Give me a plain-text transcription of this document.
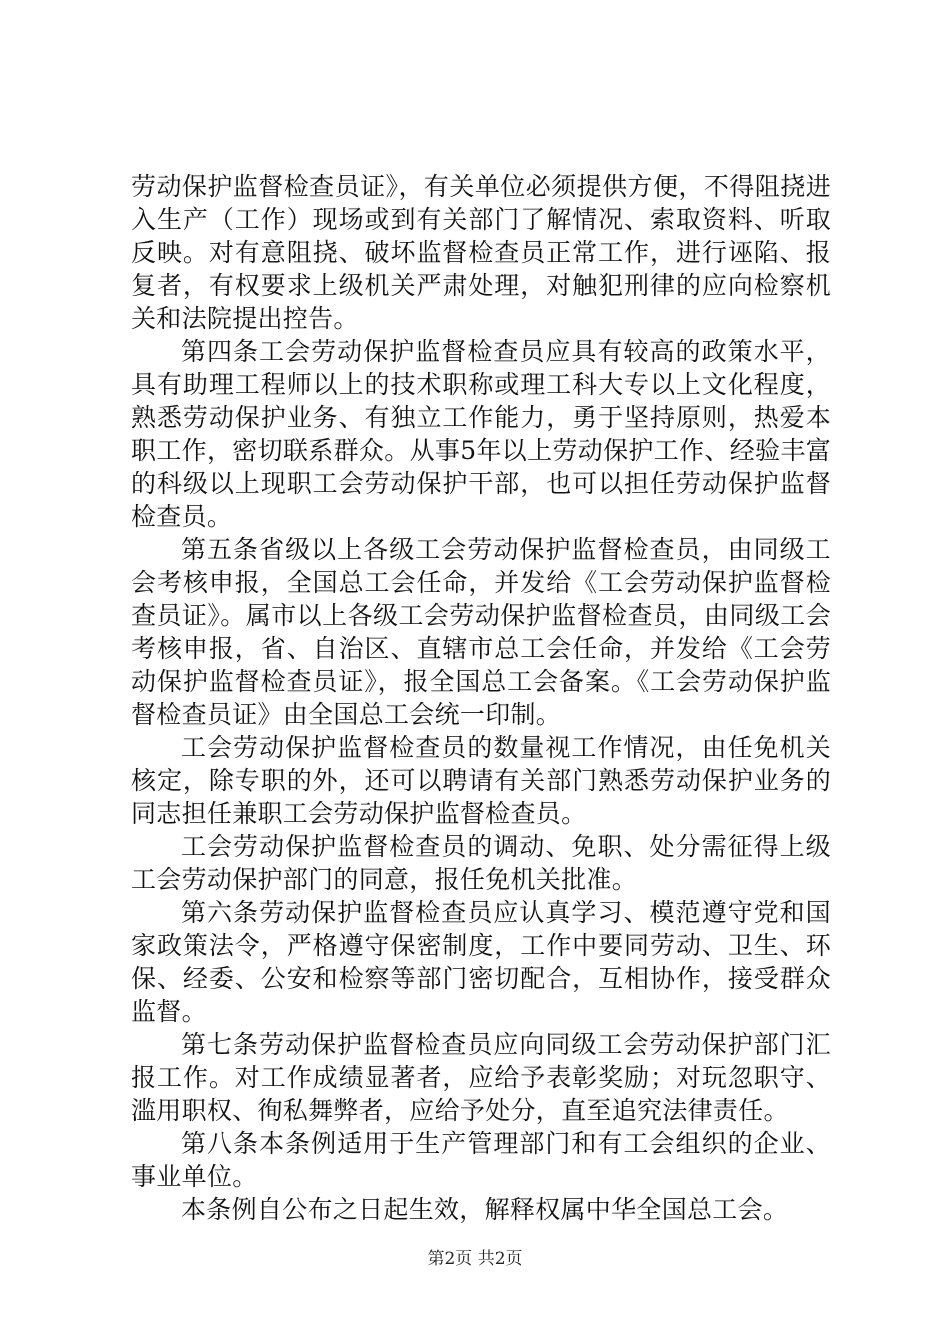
劳动保护监督检查员证》，有关单位必须提供方便，不得阻挠进入生产（工作）现场或到有关部门了解情况、索取资料、听取反映。对有意阻挠、破坏监督检查员正常工作，进行诬陷、报复者，有权要求上级机关严肃处理，对触犯刑律的应向检察机关和法院提出控告。

第四条工会劳动保护监督检查员应具有较高的政策水平，具有助理工程师以上的技术职称或理工科大专以上文化程度，熟悉劳动保护业务、有独立工作能力，勇于坚持原则，热爱本职工作，密切联系群众。从事5年以上劳动保护工作、经验丰富的科级以上现职工会劳动保护干部，也可以担任劳动保护监督检查员。

第五条省级以上各级工会劳动保护监督检查员，由同级工会考核申报，全国总工会任命，并发给《工会劳动保护监督检查员证》。属市以上各级工会劳动保护监督检查员，由同级工会考核申报，省、自治区、直辖市总工会任命，并发给《工会劳动保护监督检查员证》，报全国总工会备案。《工会劳动保护监督检查员证》由全国总工会统一印制。

工会劳动保护监督检查员的数量视工作情况，由任免机关核定，除专职的外，还可以聘请有关部门熟悉劳动保护业务的同志担任兼职工会劳动保护监督检查员。

工会劳动保护监督检查员的调动、免职、处分需征得上级工会劳动保护部门的同意，报任免机关批准。

第六条劳动保护监督检查员应认真学习、模范遵守党和国家政策法令，严格遵守保密制度，工作中要同劳动、卫生、环保、经委、公安和检察等部门密切配合，互相协作，接受群众监督。

第七条劳动保护监督检查员应向同级工会劳动保护部门汇报工作。对工作成绩显著者，应给予表彰奖励；对玩忽职守、滥用职权、徇私舞弊者，应给予处分，直至追究法律责任。

第八条本条例适用于生产管理部门和有工会组织的企业、事业单位。

本条例自公布之日起生效，解释权属中华全国总工会。

第2页 共2页
